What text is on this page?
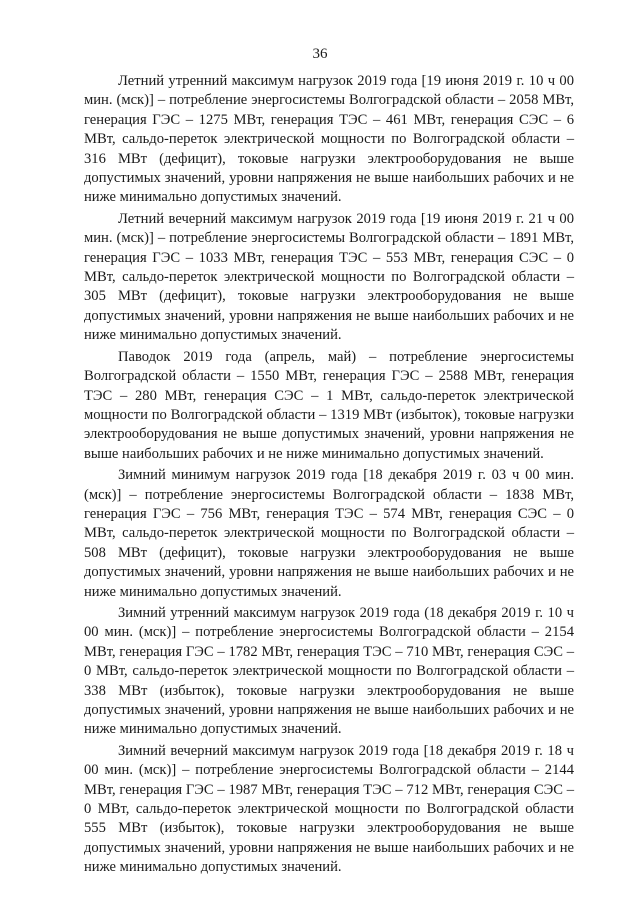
36

Летний утренний максимум нагрузок 2019 года [19 июня 2019 г. 10 ч 00 мин. (мск)] – потребление энергосистемы Волгоградской области – 2058 МВт, генерация ГЭС – 1275 МВт, генерация ТЭС – 461 МВт, генерация СЭС – 6 МВт, сальдо-переток электрической мощности по Волгоградской области – 316 МВт (дефицит), токовые нагрузки электрооборудования не выше допустимых значений, уровни напряжения не выше наибольших рабочих и не ниже минимально допустимых значений.

Летний вечерний максимум нагрузок 2019 года [19 июня 2019 г. 21 ч 00 мин. (мск)] – потребление энергосистемы Волгоградской области – 1891 МВт, генерация ГЭС – 1033 МВт, генерация ТЭС – 553 МВт, генерация СЭС – 0 МВт, сальдо-переток электрической мощности по Волгоградской области – 305 МВт (дефицит), токовые нагрузки электрооборудования не выше допустимых значений, уровни напряжения не выше наибольших рабочих и не ниже минимально допустимых значений.

Паводок 2019 года (апрель, май) – потребление энергосистемы Волгоградской области – 1550 МВт, генерация ГЭС – 2588 МВт, генерация ТЭС – 280 МВт, генерация СЭС – 1 МВт, сальдо-переток электрической мощности по Волгоградской области – 1319 МВт (избыток), токовые нагрузки электрооборудования не выше допустимых значений, уровни напряжения не выше наибольших рабочих и не ниже минимально допустимых значений.

Зимний минимум нагрузок 2019 года [18 декабря 2019 г. 03 ч 00 мин. (мск)] – потребление энергосистемы Волгоградской области – 1838 МВт, генерация ГЭС – 756 МВт, генерация ТЭС – 574 МВт, генерация СЭС – 0 МВт, сальдо-переток электрической мощности по Волгоградской области – 508 МВт (дефицит), токовые нагрузки электрооборудования не выше допустимых значений, уровни напряжения не выше наибольших рабочих и не ниже минимально допустимых значений.

Зимний утренний максимум нагрузок 2019 года (18 декабря 2019 г. 10 ч 00 мин. (мск)] – потребление энергосистемы Волгоградской области – 2154 МВт, генерация ГЭС – 1782 МВт, генерация ТЭС – 710 МВт, генерация СЭС – 0 МВт, сальдо-переток электрической мощности по Волгоградской области – 338 МВт (избыток), токовые нагрузки электрооборудования не выше допустимых значений, уровни напряжения не выше наибольших рабочих и не ниже минимально допустимых значений.

Зимний вечерний максимум нагрузок 2019 года [18 декабря 2019 г. 18 ч 00 мин. (мск)] – потребление энергосистемы Волгоградской области – 2144 МВт, генерация ГЭС – 1987 МВт, генерация ТЭС – 712 МВт, генерация СЭС – 0 МВт, сальдо-переток электрической мощности по Волгоградской области 555 МВт (избыток), токовые нагрузки электрооборудования не выше допустимых значений, уровни напряжения не выше наибольших рабочих и не ниже минимально допустимых значений.
